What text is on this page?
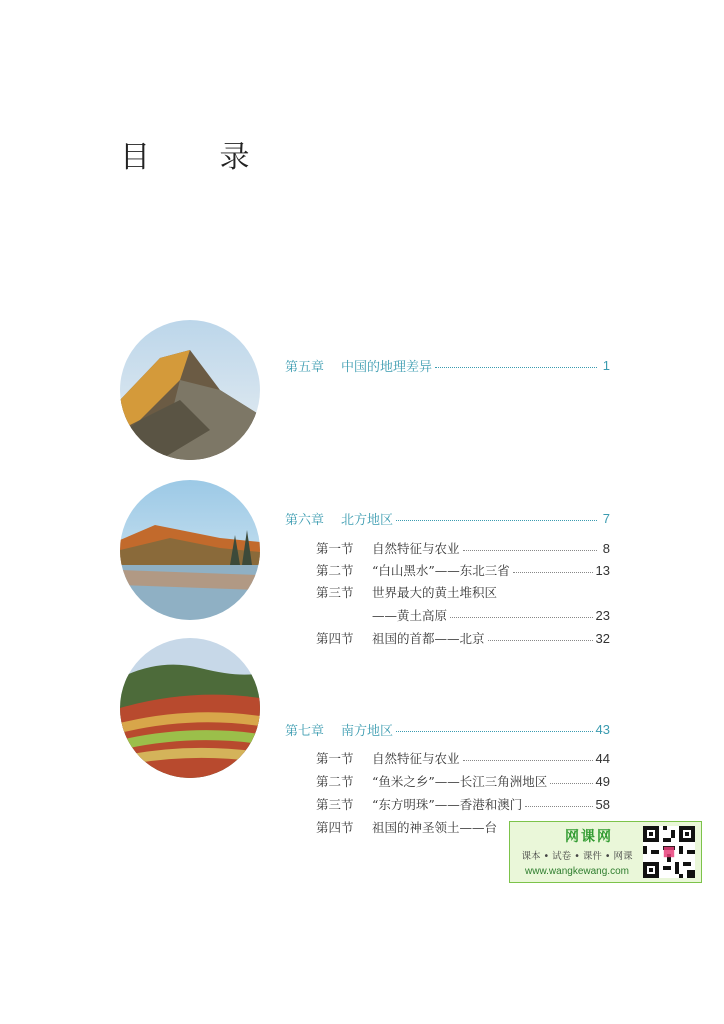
目 录
第五章	中国的地理差异	1
第六章	北方地区	7
第一节	自然特征与农业	8
第二节	“白山黑水”——东北三省	13
第三节	世界最大的黄土堆积区
——黄土高原	23
第四节	祖国的首都——北京	32
第七章	南方地区	43
第一节	自然特征与农业	44
第二节	“鱼米之乡”——长江三角洲地区	49
第三节	“东方明珠”——香港和澳门	58
第四节	祖国的神圣领土——台
网课网
课本 • 试卷 • 课件 • 网课
www.wangkewang.com
